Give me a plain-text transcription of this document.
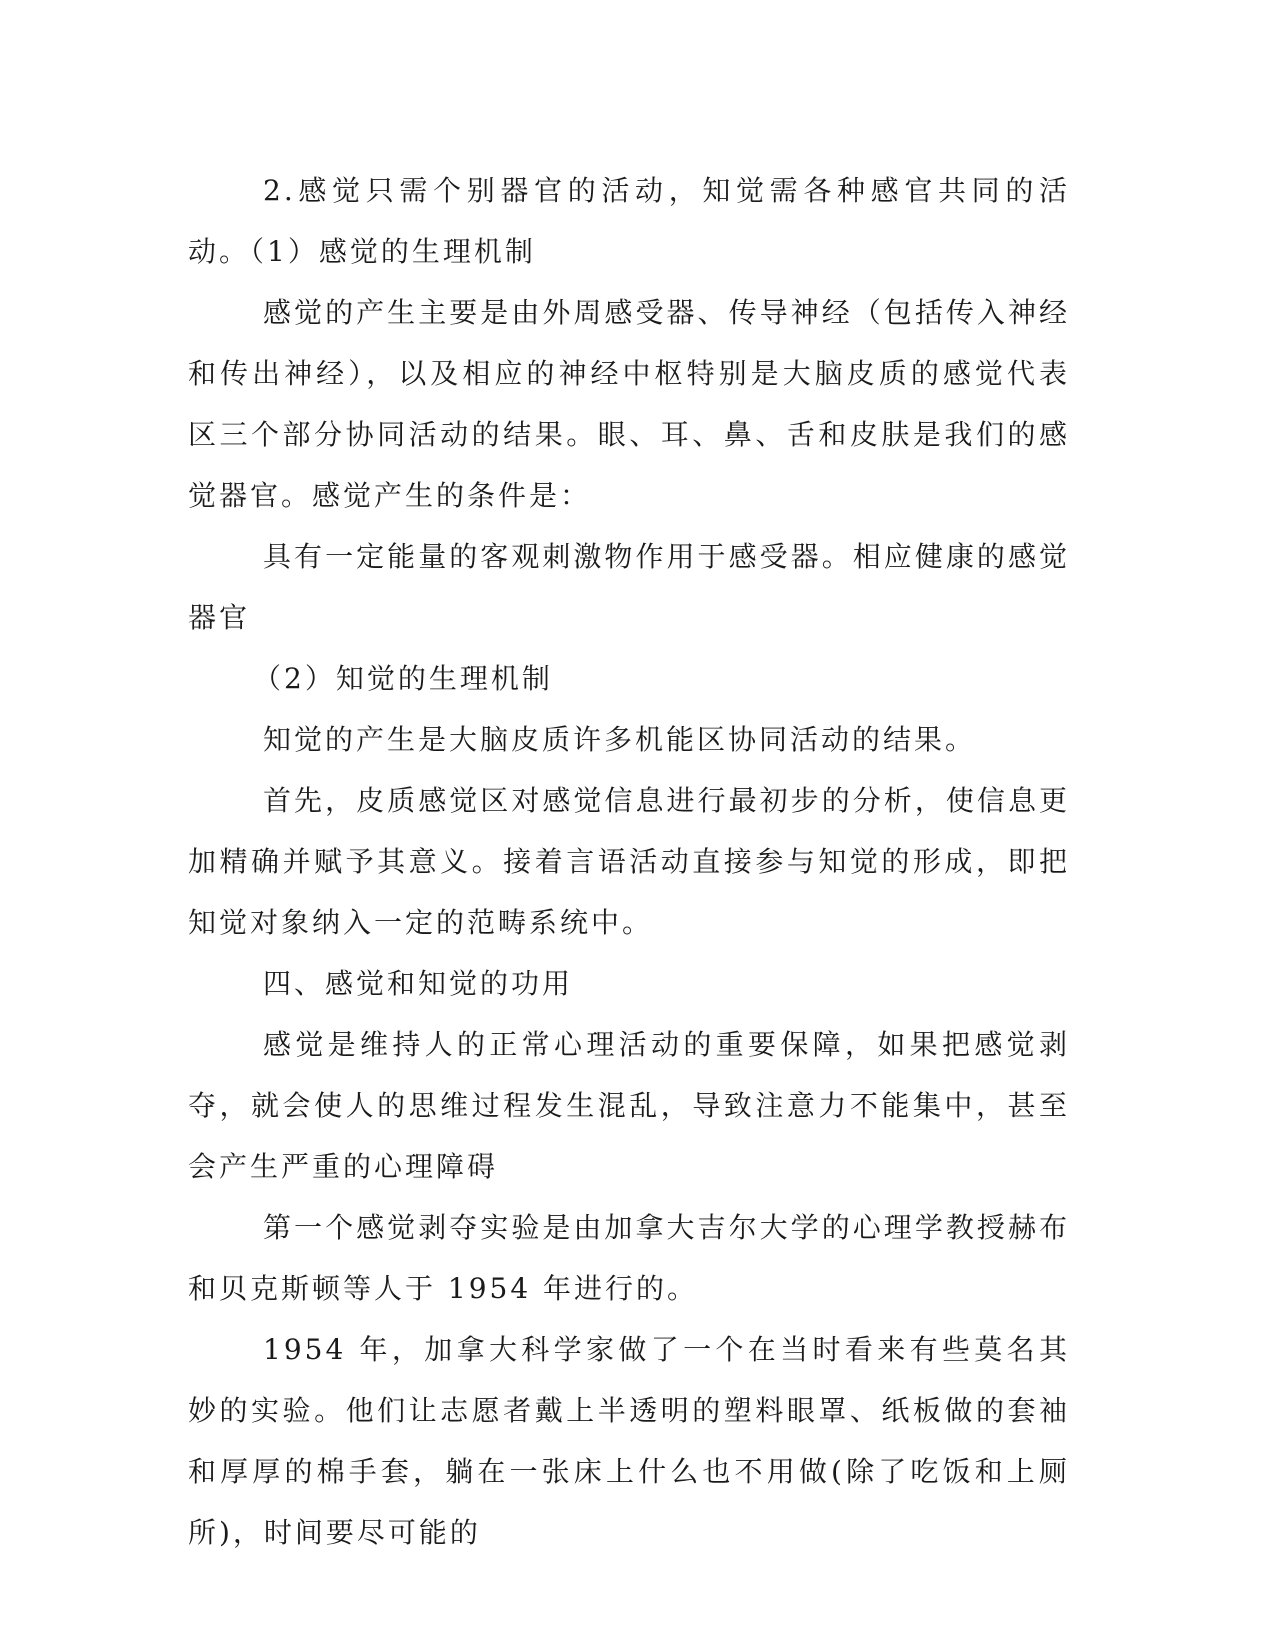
2.感觉只需个别器官的活动，知觉需各种感官共同的活动。（1）感觉的生理机制

感觉的产生主要是由外周感受器、传导神经（包括传入神经和传出神经），以及相应的神经中枢特别是大脑皮质的感觉代表区三个部分协同活动的结果。眼、耳、鼻、舌和皮肤是我们的感觉器官。感觉产生的条件是：

具有一定能量的客观刺激物作用于感受器。相应健康的感觉器官

（2）知觉的生理机制

知觉的产生是大脑皮质许多机能区协同活动的结果。

首先，皮质感觉区对感觉信息进行最初步的分析，使信息更加精确并赋予其意义。接着言语活动直接参与知觉的形成，即把知觉对象纳入一定的范畴系统中。

四、感觉和知觉的功用

感觉是维持人的正常心理活动的重要保障，如果把感觉剥夺，就会使人的思维过程发生混乱，导致注意力不能集中，甚至会产生严重的心理障碍

第一个感觉剥夺实验是由加拿大吉尔大学的心理学教授赫布和贝克斯顿等人于 1954 年进行的。

1954 年，加拿大科学家做了一个在当时看来有些莫名其妙的实验。他们让志愿者戴上半透明的塑料眼罩、纸板做的套袖和厚厚的棉手套，躺在一张床上什么也不用做(除了吃饭和上厕所)，时间要尽可能的
